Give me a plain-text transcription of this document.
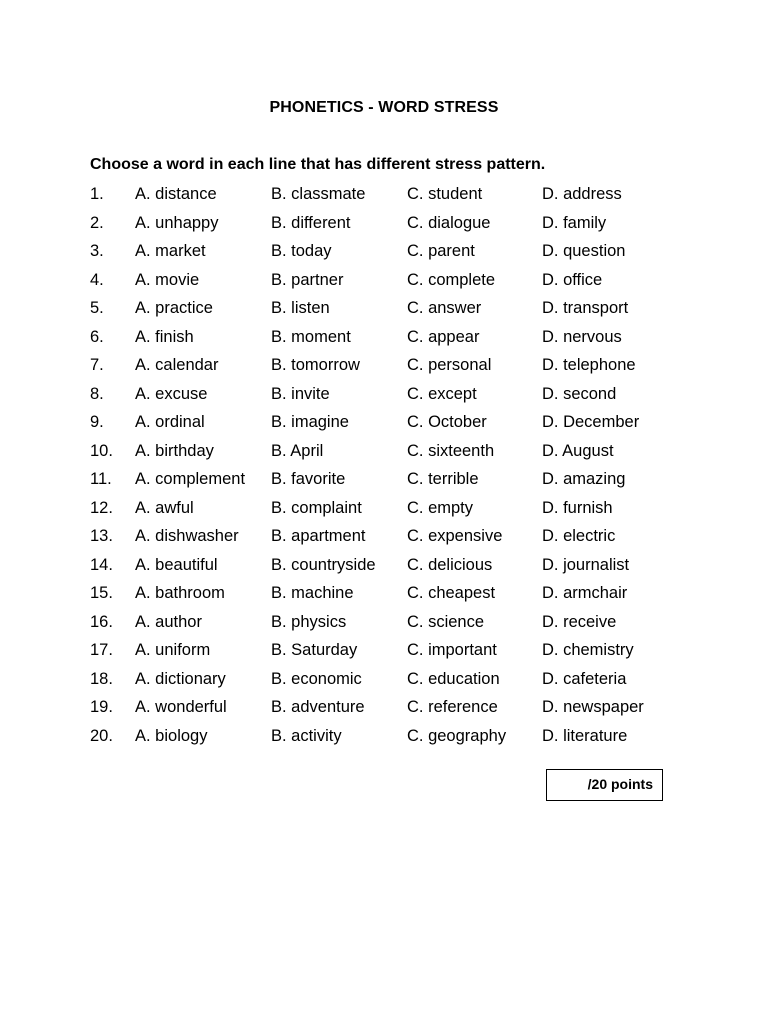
PHONETICS - WORD STRESS
Choose a word in each line that has different stress pattern.
1. A. distance	B. classmate	C. student	D. address
2. A. unhappy	B. different	C. dialogue	D. family
3. A. market	B. today	C. parent	D. question
4. A. movie	B. partner	C. complete	D. office
5. A. practice	B. listen	C. answer	D. transport
6. A. finish	B. moment	C. appear	D. nervous
7. A. calendar	B. tomorrow	C. personal	D. telephone
8. A. excuse	B. invite	C. except	D. second
9. A. ordinal	B. imagine	C. October	D. December
10. A. birthday	B. April	C. sixteenth	D. August
11. A. complement B. favorite	C. terrible	D. amazing
12. A. awful	B. complaint	C. empty	D. furnish
13. A. dishwasher B. apartment	C. expensive D. electric
14. A. beautiful	B. countryside C. delicious	D. journalist
15. A. bathroom	B. machine	C. cheapest	D. armchair
16. A. author	B. physics	C. science	D. receive
17. A. uniform	B. Saturday	C. important	D. chemistry
18. A. dictionary	B. economic	C. education	D. cafeteria
19. A. wonderful	B. adventure	C. reference	D. newspaper
20. A. biology	B. activity	C. geography D. literature
/20 points
